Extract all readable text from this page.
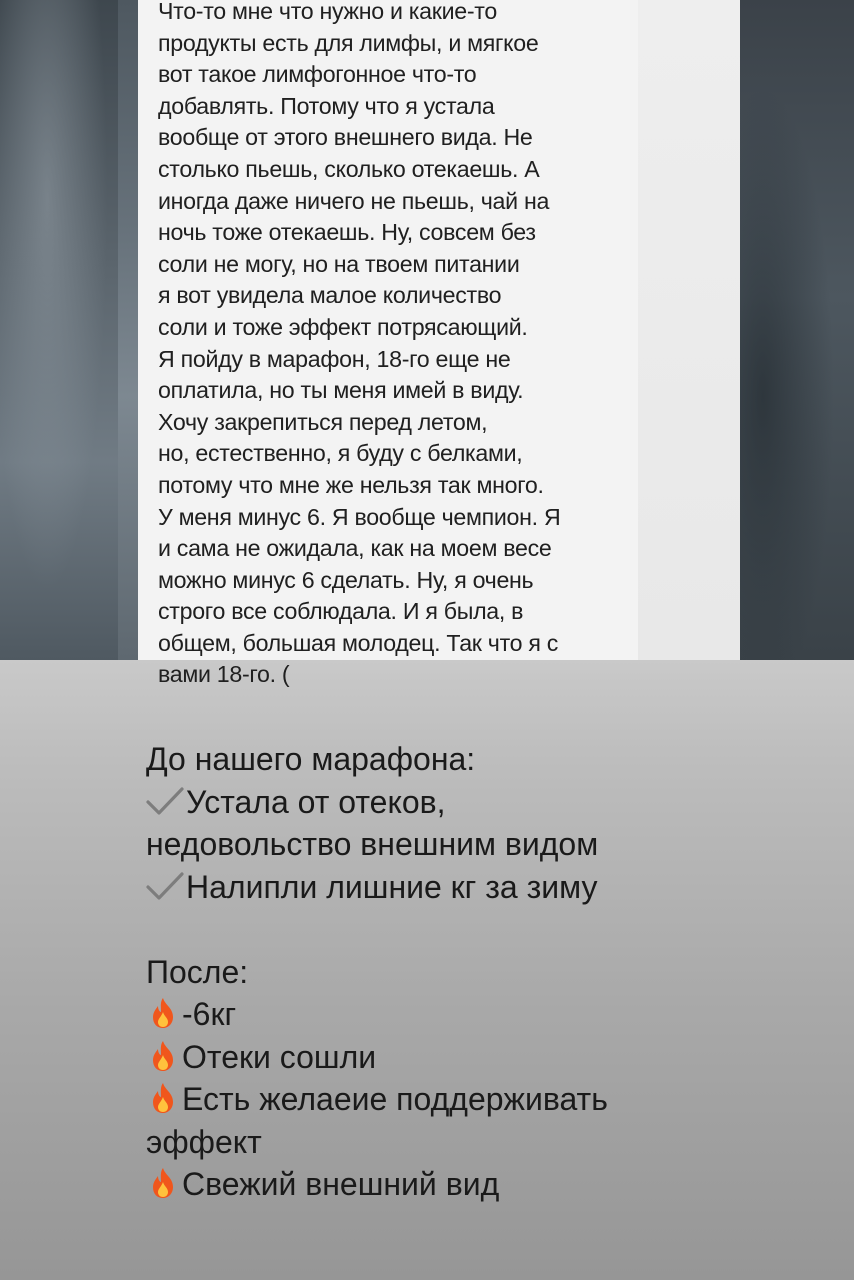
Что-то мне что нужно и какие-то
продукты есть для лимфы, и мягкое
вот такое лимфогонное что-то
добавлять. Потому что я устала
вообще от этого внешнего вида. Не
столько пьешь, сколько отекаешь. А
иногда даже ничего не пьешь, чай на
ночь тоже отекаешь. Ну, совсем без
соли не могу, но на твоем питании
я вот увидела малое количество
соли и тоже эффект потрясающий.
Я пойду в марафон, 18-го еще не
оплатила, но ты меня имей в виду.
Хочу закрепиться перед летом,
но, естественно, я буду с белками,
потому что мне же нельзя так много.
У меня минус 6. Я вообще чемпион. Я
и сама не ожидала, как на моем весе
можно минус 6 сделать. Ну, я очень
строго все соблюдала. И я была, в
общем, большая молодец. Так что я с
вами 18-го. (

До нашего марафона:
Устала от отеков,
недовольство внешним видом
Налипли лишние кг за зиму
После:
-6кг
Отеки сошли
Есть желаеие поддерживать
эффект
Свежий внешний вид
